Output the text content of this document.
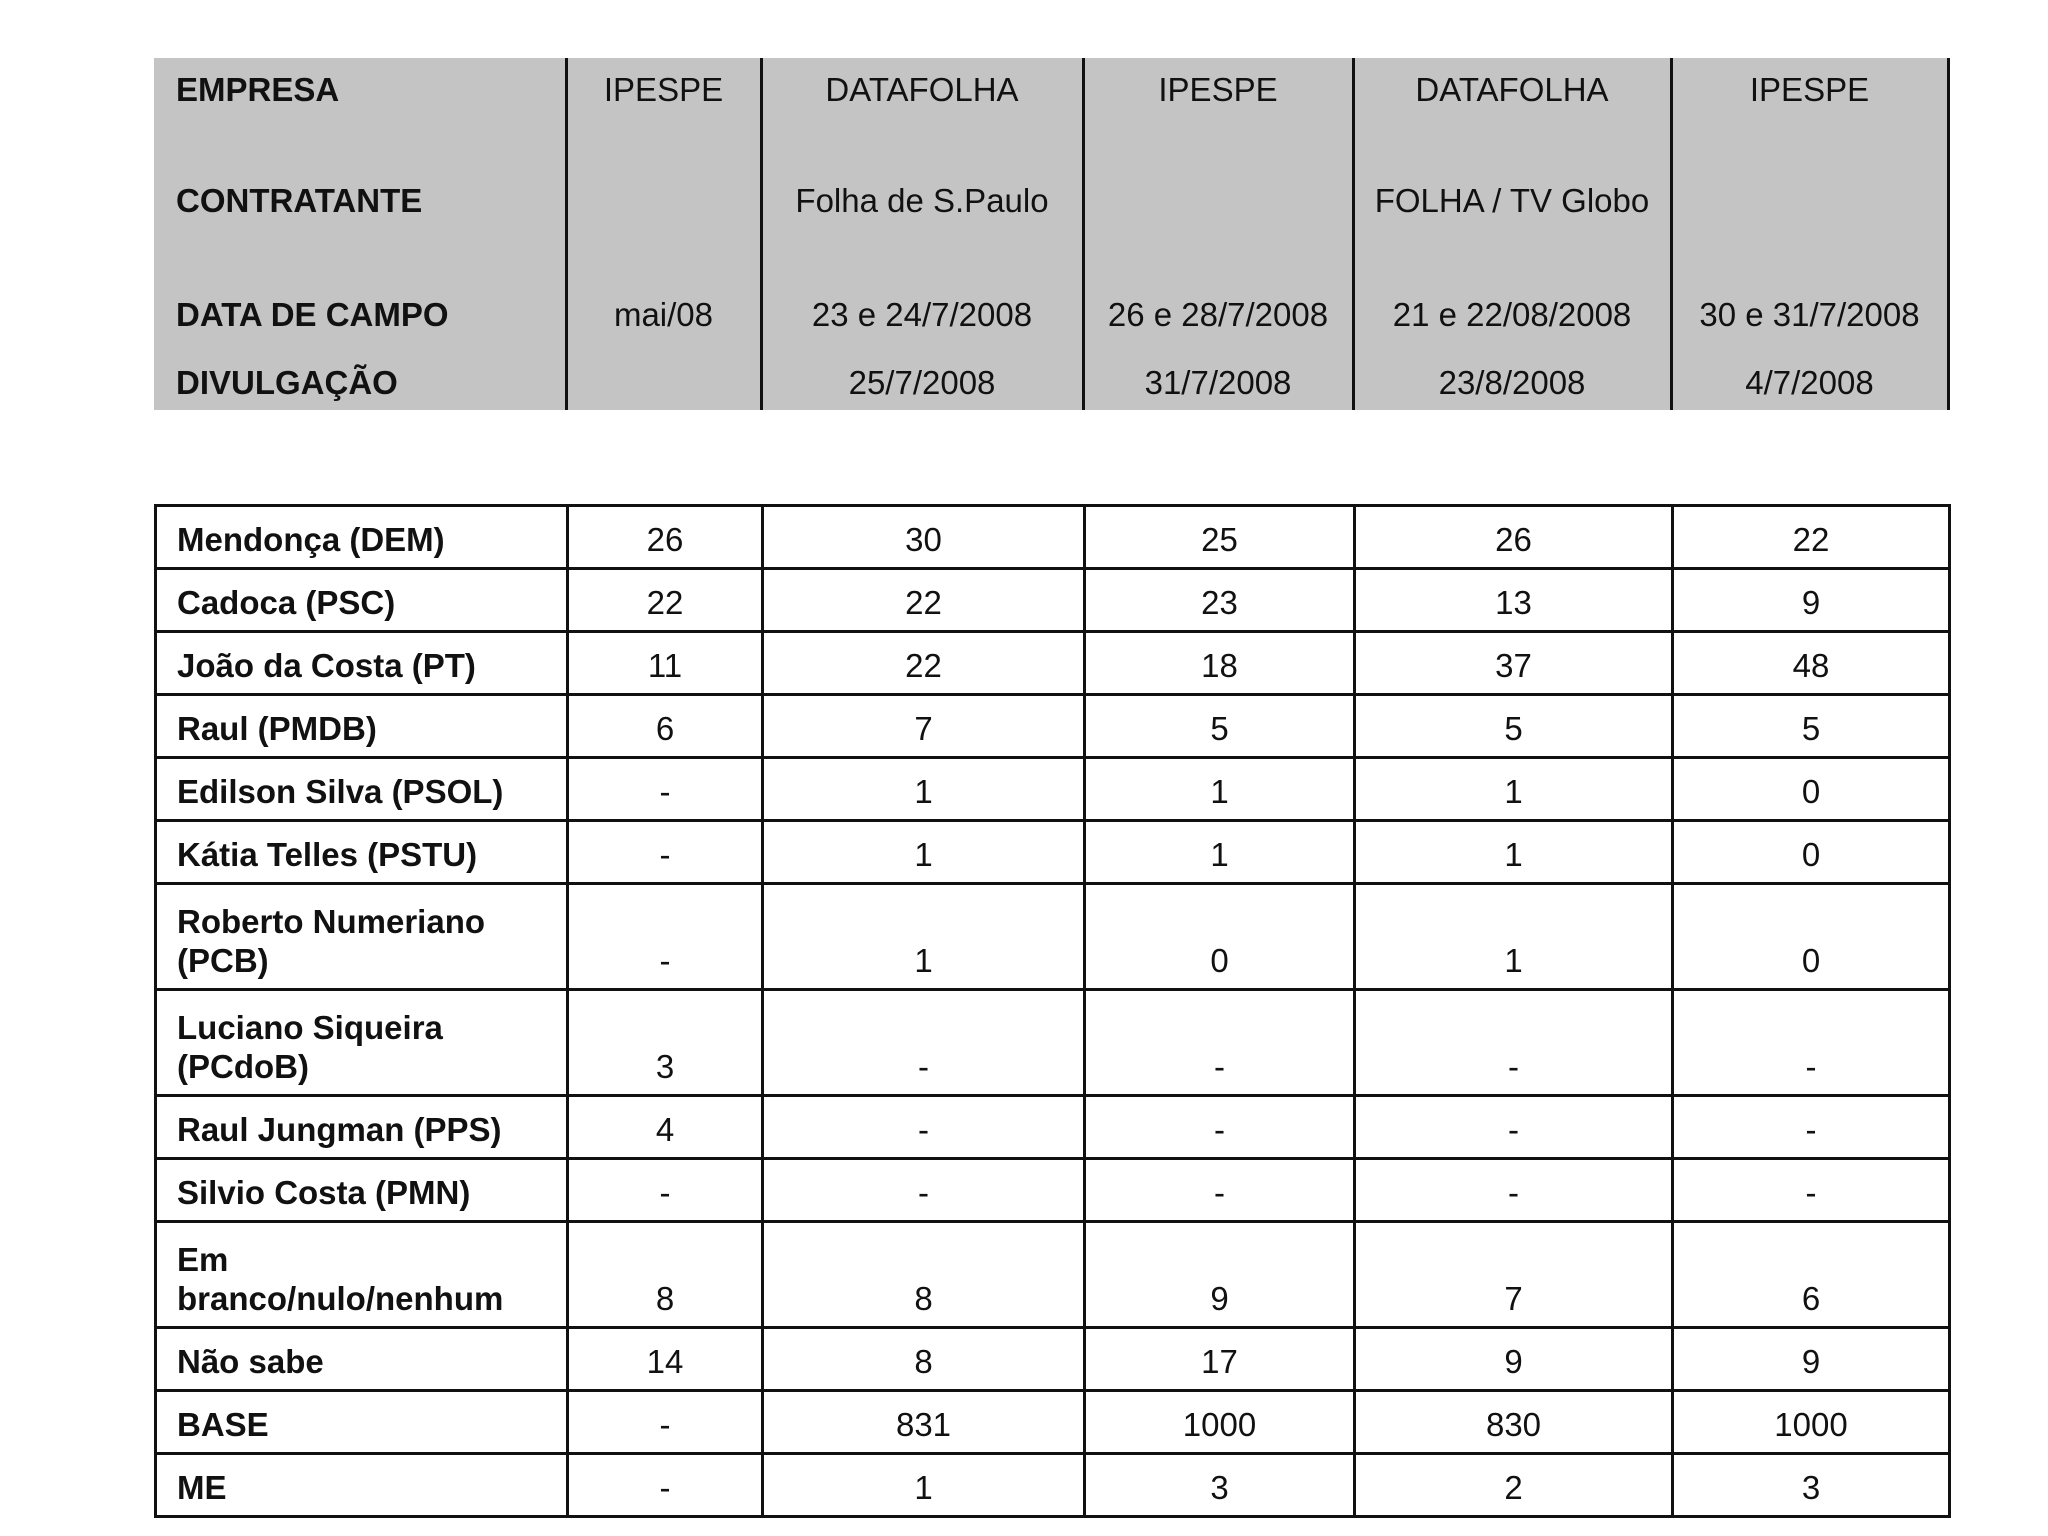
EMPRESA	IPESPE	DATAFOLHA	IPESPE	DATAFOLHA	IPESPE
CONTRATANTE		Folha de S.Paulo		FOLHA / TV Globo	
DATA DE CAMPO	mai/08	23 e 24/7/2008	26 e 28/7/2008	21 e 22/08/2008	30 e 31/7/2008
DIVULGAÇÃO		25/7/2008	31/7/2008	23/8/2008	4/7/2008
Mendonça (DEM)	26	30	25	26	22
Cadoca (PSC)	22	22	23	13	9
João da Costa (PT)	11	22	18	37	48
Raul (PMDB)	6	7	5	5	5
Edilson Silva (PSOL)	-	1	1	1	0
Kátia Telles (PSTU)	-	1	1	1	0
Roberto Numeriano (PCB)	-	1	0	1	0
Luciano Siqueira (PCdoB)	3	-	-	-	-
Raul Jungman (PPS)	4	-	-	-	-
Silvio Costa (PMN)	-	-	-	-	-
Em branco/nulo/nenhum	8	8	9	7	6
Não sabe	14	8	17	9	9
BASE	-	831	1000	830	1000
ME	-	1	3	2	3
